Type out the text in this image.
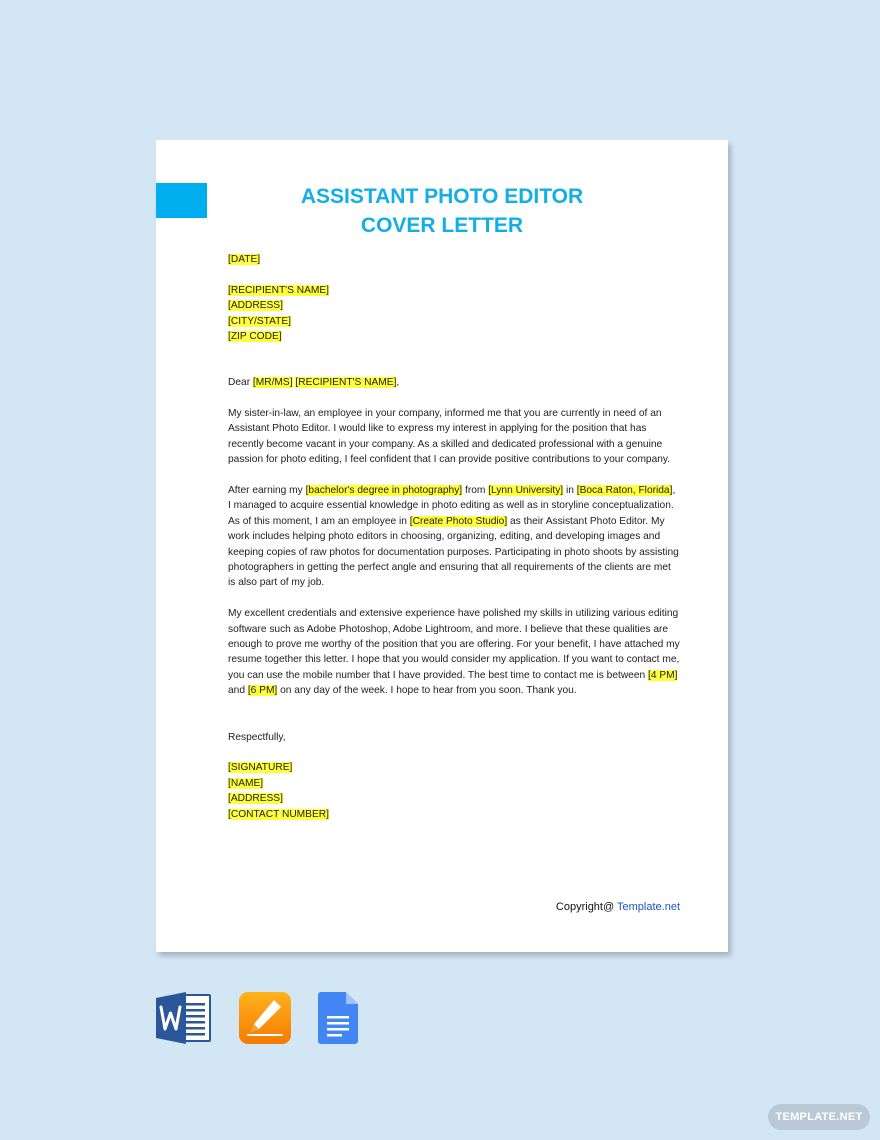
ASSISTANT PHOTO EDITOR
COVER LETTER

[DATE]

[RECIPIENT'S NAME]

[ADDRESS]

[CITY/STATE]

[ZIP CODE]

Dear [MR/MS] [RECIPIENT'S NAME],

My sister-in-law, an employee in your company, informed me that you are currently in need of an Assistant Photo Editor. I would like to express my interest in applying for the position that has recently become vacant in your company. As a skilled and dedicated professional with a genuine passion for photo editing, I feel confident that I can provide positive contributions to your company.

After earning my [bachelor's degree in photography] from [Lynn University] in [Boca Raton, Florida], I managed to acquire essential knowledge in photo editing as well as in storyline conceptualization. As of this moment, I am an employee in [Create Photo Studio] as their Assistant Photo Editor. My work includes helping photo editors in choosing, organizing, editing, and developing images and keeping copies of raw photos for documentation purposes. Participating in photo shoots by assisting photographers in getting the perfect angle and ensuring that all requirements of the clients are met is also part of my job.

My excellent credentials and extensive experience have polished my skills in utilizing various editing software such as Adobe Photoshop, Adobe Lightroom, and more. I believe that these qualities are enough to prove me worthy of the position that you are offering. For your benefit, I have attached my resume together this letter. I hope that you would consider my application. If you want to contact me, you can use the mobile number that I have provided. The best time to contact me is between [4 PM] and [6 PM] on any day of the week. I hope to hear from you soon. Thank you.

Respectfully,

[SIGNATURE]

[NAME]

[ADDRESS]

[CONTACT NUMBER]

Copyright@ Template.net
TEMPLATE.NET
